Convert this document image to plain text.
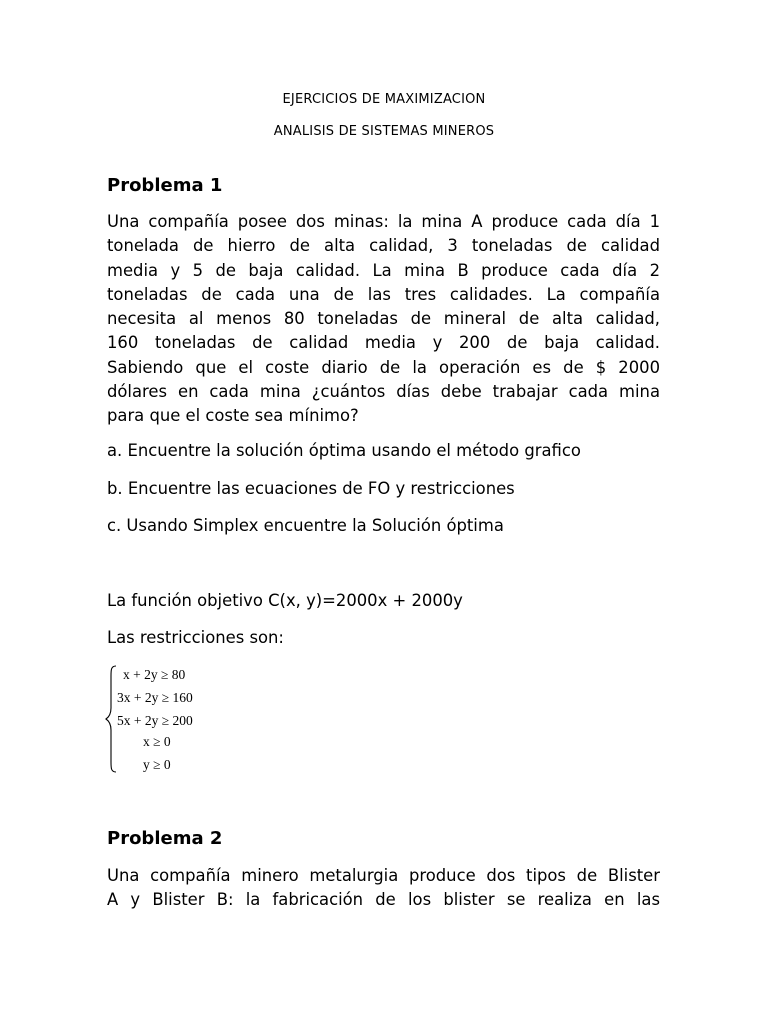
EJERCICIOS DE MAXIMIZACION
ANALISIS DE SISTEMAS MINEROS
Problema 1
Una compañía posee dos minas: la mina A produce cada día 1
tonelada de hierro de alta calidad, 3 toneladas de calidad
media y 5 de baja calidad. La mina B produce cada día 2
toneladas de cada una de las tres calidades. La compañía
necesita al menos 80 toneladas de mineral de alta calidad,
160 toneladas de calidad media y 200 de baja calidad.
Sabiendo que el coste diario de la operación es de $ 2000
dólares en cada mina ¿cuántos días debe trabajar cada mina
para que el coste sea mínimo?
a. Encuentre la solución óptima usando el método grafico
b. Encuentre las ecuaciones de FO y restricciones
c. Usando Simplex encuentre la Solución óptima
La función objetivo C(x, y)=2000x + 2000y
Las restricciones son:
x + 2y ≥ 80
3x + 2y ≥ 160
5x + 2y ≥ 200
x ≥ 0
y ≥ 0
Problema 2
Una compañía minero metalurgia produce dos tipos de Blister
A y Blister B: la fabricación de los blister se realiza en las
